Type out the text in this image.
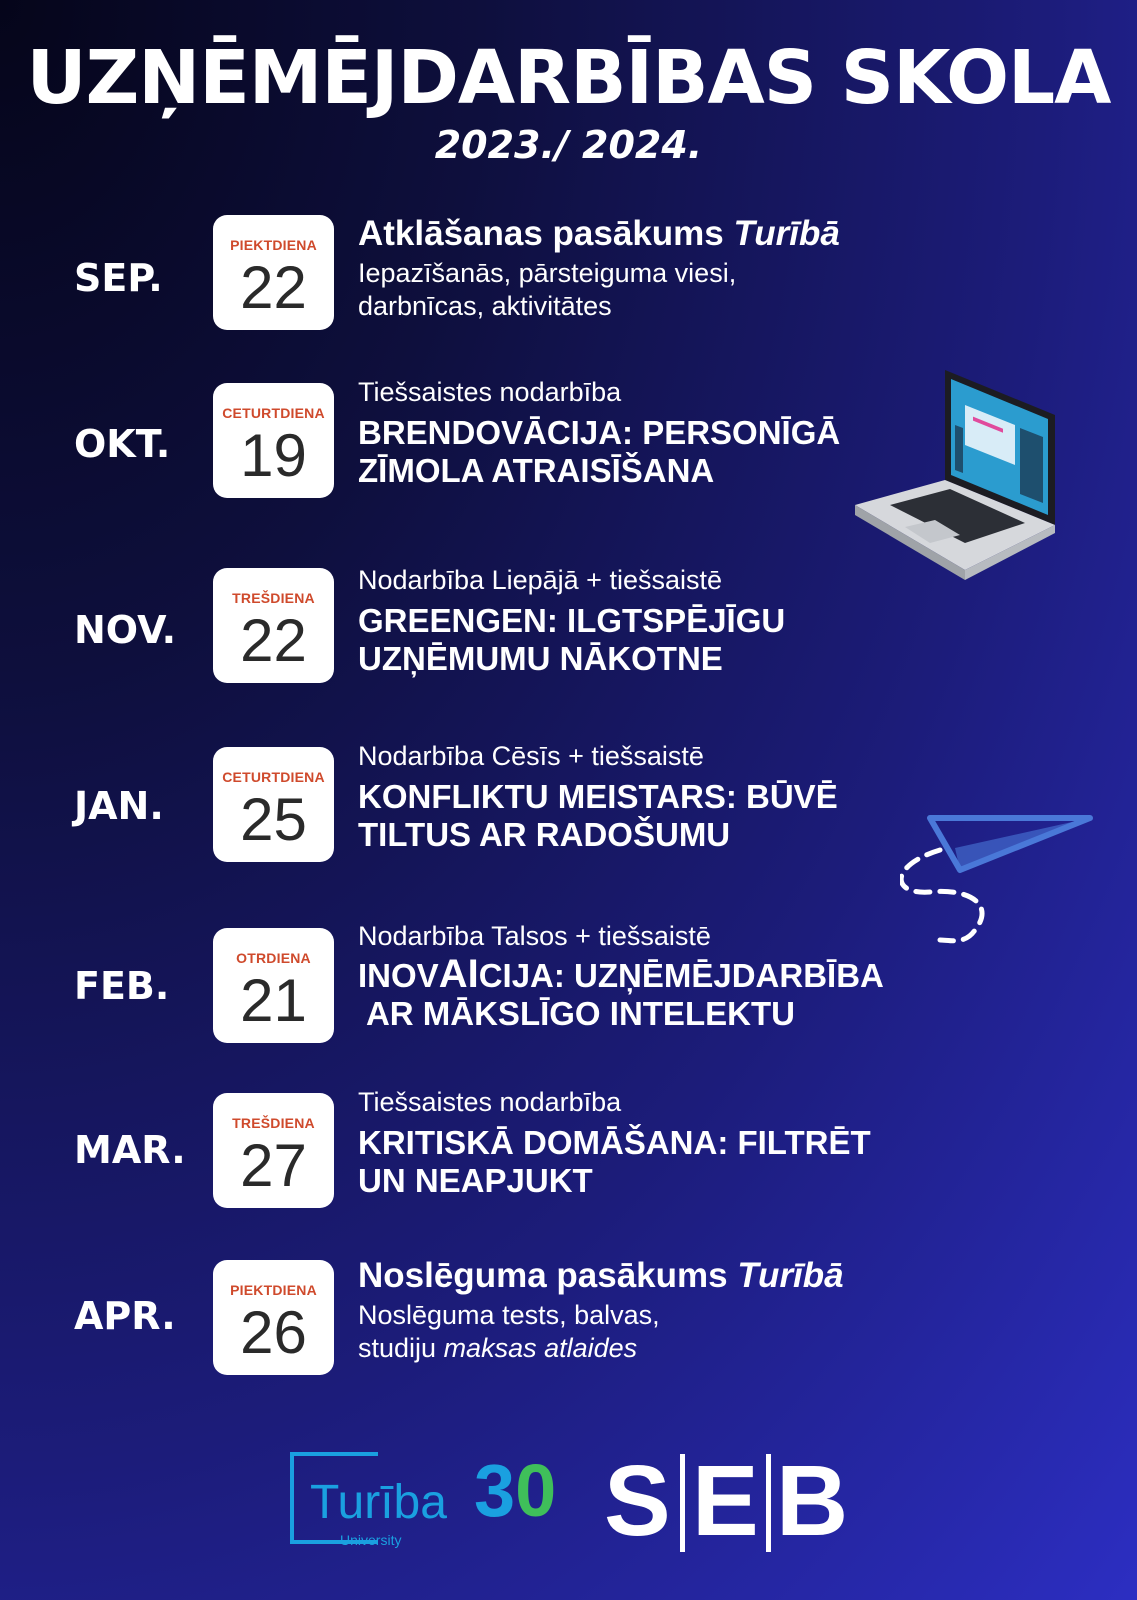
UZŅĒMĒJDARBĪBAS SKOLA
2023./ 2024.
SEP.
PIEKTDIENA
22
Atklāšanas pasākums Turībā
Iepazīšanās, pārsteiguma viesi,
darbnīcas, aktivitātes
OKT.
CETURTDIENA
19
Tiešsaistes nodarbība
BRENDOVĀCIJA: PERSONĪGĀ
ZĪMOLA ATRAISĪŠANA
NOV.
TREŠDIENA
22
Nodarbība Liepājā + tiešsaistē
GREENGEN: ILGTSPĒJĪGU
UZŅĒMUMU NĀKOTNE
JAN.
CETURTDIENA
25
Nodarbība Cēsīs + tiešsaistē
KONFLIKTU MEISTARS: BŪVĒ
TILTUS AR RADOŠUMU
FEB.
OTRDIENA
21
Nodarbība Talsos + tiešsaistē
INOVAICIJA: UZŅĒMĒJDARBĪBA
AR MĀKSLĪGO INTELEKTU
MAR.
TREŠDIENA
27
Tiešsaistes nodarbība
KRITISKĀ DOMĀŠANA: FILTRĒT
UN NEAPJUKT
APR.
PIEKTDIENA
26
Noslēguma pasākums Turībā
Noslēguma tests, balvas,
studiju maksas atlaides
Turība
University
30 S E B
